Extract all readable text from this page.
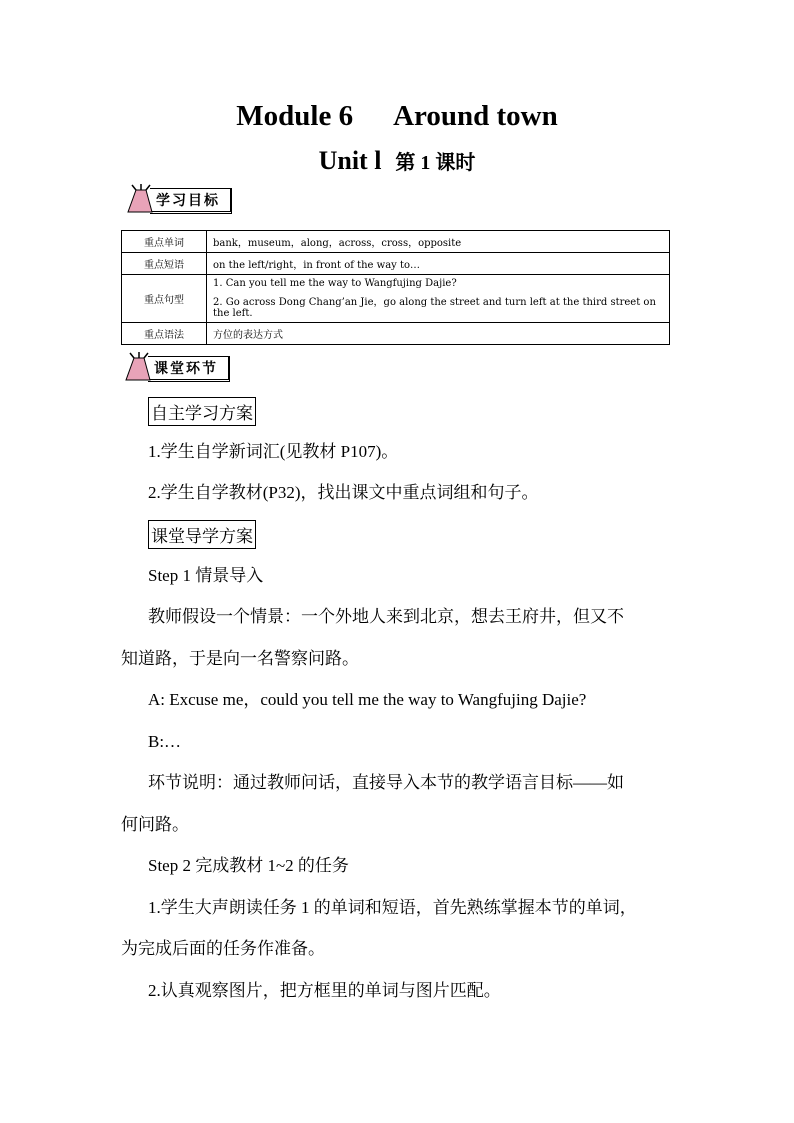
Module 6 Around town
Unit l 第 1 课时
学习目标
重点单词	bank，museum，along，across，cross，opposite
重点短语	on the left/right，in front of the way to…
重点句型	1. Can you tell me the way to Wangfujing Dajie?
2. Go across Dong Chang’an Jie，go along the street and turn left at the third street on the left.

重点语法	方位的表达方式
课堂环节
自主学习方案
1.学生自学新词汇(见教材 P107)。
2.学生自学教材(P32)，找出课文中重点词组和句子。
课堂导学方案
Step 1 情景导入
教师假设一个情景：一个外地人来到北京，想去王府井，但又不
知道路，于是向一名警察问路。
A: Excuse me，could you tell me the way to Wangfujing Dajie?
B:…
环节说明：通过教师问话，直接导入本节的教学语言目标——如
何问路。
Step 2 完成教材 1~2 的任务
1.学生大声朗读任务 1 的单词和短语，首先熟练掌握本节的单词，
为完成后面的任务作准备。
2.认真观察图片，把方框里的单词与图片匹配。
